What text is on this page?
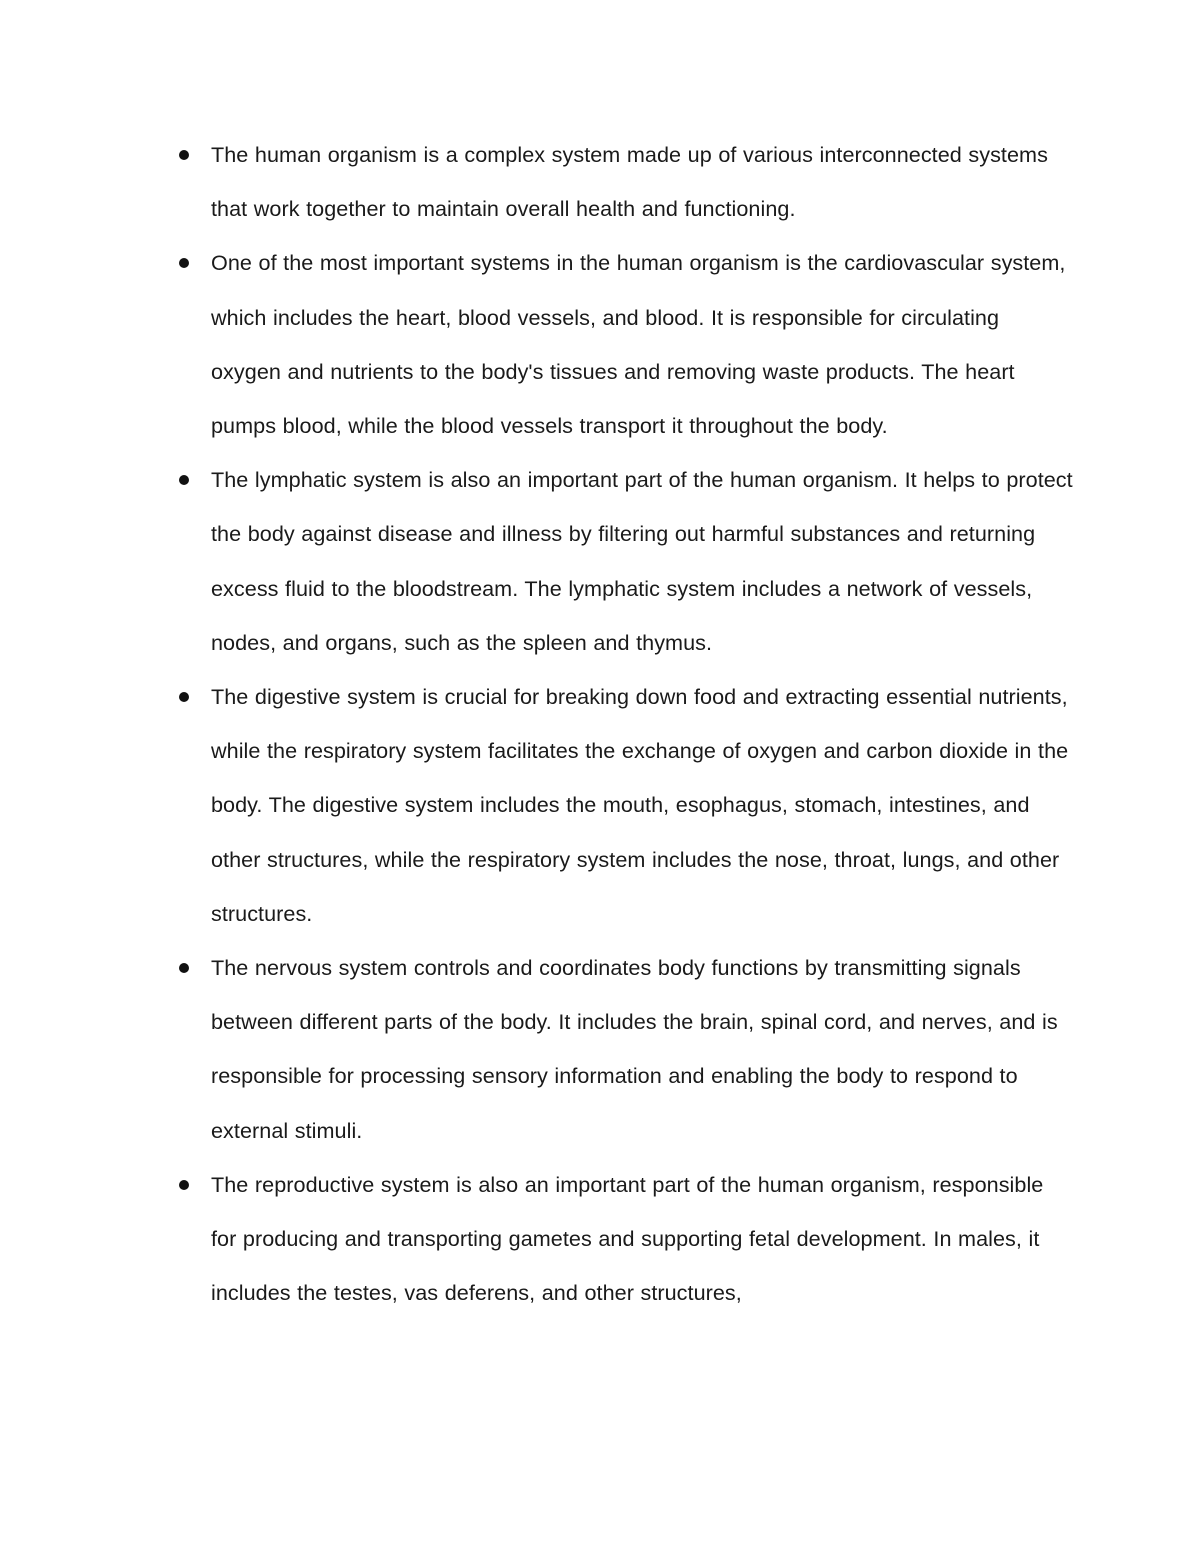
The human organism is a complex system made up of various interconnected systems that work together to maintain overall health and functioning.
One of the most important systems in the human organism is the cardiovascular system, which includes the heart, blood vessels, and blood. It is responsible for circulating oxygen and nutrients to the body's tissues and removing waste products. The heart pumps blood, while the blood vessels transport it throughout the body.
The lymphatic system is also an important part of the human organism. It helps to protect the body against disease and illness by filtering out harmful substances and returning excess fluid to the bloodstream. The lymphatic system includes a network of vessels, nodes, and organs, such as the spleen and thymus.
The digestive system is crucial for breaking down food and extracting essential nutrients, while the respiratory system facilitates the exchange of oxygen and carbon dioxide in the body. The digestive system includes the mouth, esophagus, stomach, intestines, and other structures, while the respiratory system includes the nose, throat, lungs, and other structures.
The nervous system controls and coordinates body functions by transmitting signals between different parts of the body. It includes the brain, spinal cord, and nerves, and is responsible for processing sensory information and enabling the body to respond to external stimuli.
The reproductive system is also an important part of the human organism, responsible for producing and transporting gametes and supporting fetal development. In males, it includes the testes, vas deferens, and other structures,
